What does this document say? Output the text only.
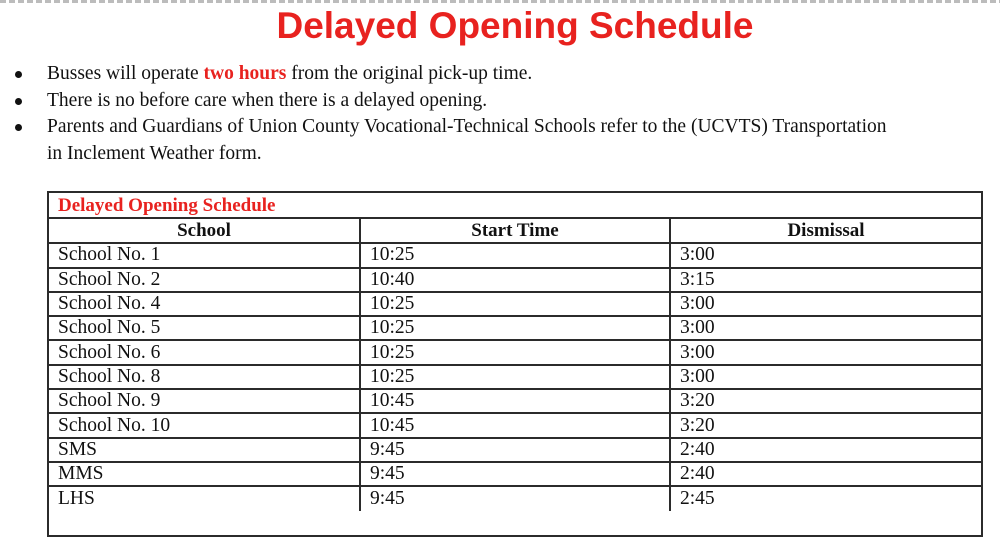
Delayed Opening Schedule
Busses will operate two hours from the original pick-up time.
There is no before care when there is a delayed opening.
Parents and Guardians of Union County Vocational-Technical Schools refer to the (UCVTS) Transportation in Inclement Weather form.
Delayed Opening Schedule
School	Start Time	Dismissal
School No. 1	10:25	3:00
School No. 2	10:40	3:15
School No. 4	10:25	3:00
School No. 5	10:25	3:00
School No. 6	10:25	3:00
School No. 8	10:25	3:00
School No. 9	10:45	3:20
School No. 10	10:45	3:20
SMS	9:45	2:40
MMS	9:45	2:40
LHS	9:45	2:45
